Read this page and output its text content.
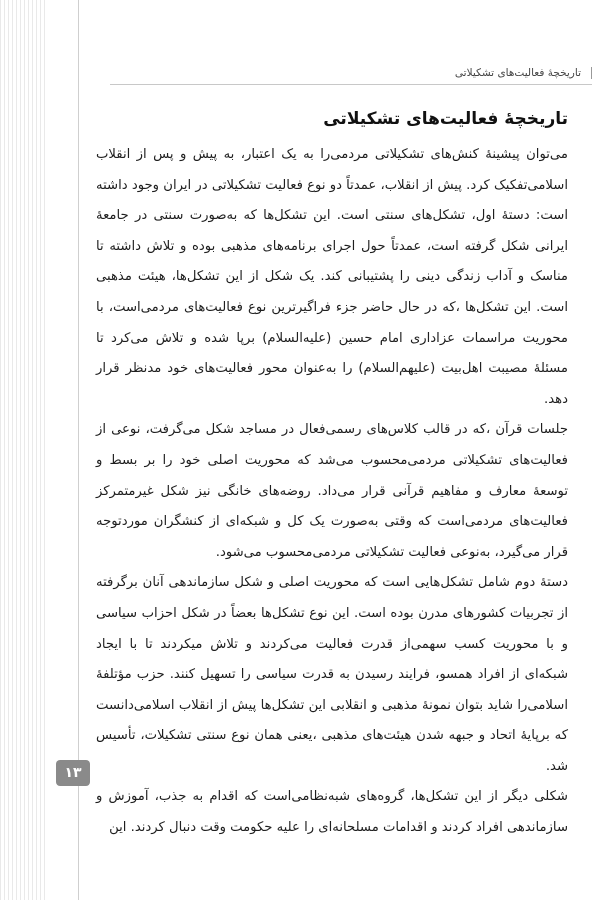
تاریخچهٔ فعالیت‌های تشکیلاتی
تاریخچهٔ فعالیت‌های تشکیلاتی

می‌توان پیشینهٔ کنش‌های تشکیلاتی مردمی‌را به یک اعتبار، به پیش و پس از انقلاب اسلامی‌تفکیک کرد. پیش از انقلاب، عمدتاً دو نوع فعالیت تشکیلاتی در ایران وجود داشته است: دستهٔ اول، تشکل‌های سنتی است. این تشکل‌ها که به‌صورت سنتی در جامعهٔ ایرانی شکل گرفته است، عمدتاً حول اجرای برنامه‌های مذهبی بوده و تلاش داشته تا مناسک و آداب زندگی دینی را پشتیبانی کند. یک شکل از این تشکل‌ها، هیئت مذهبی است. این تشکل‌ها ،که در حال حاضر جزء فراگیرترین نوع فعالیت‌های مردمی‌است، با محوریت مراسمات عزاداری امام حسین (علیه‌السلام) برپا شده و تلاش می‌کرد تا مسئلهٔ مصیبت اهل‌بیت (علیهم‌السلام) را به‌عنوان محور فعالیت‌های خود مدنظر قرار دهد.

جلسات قرآن ،که در قالب کلاس‌های رسمی‌فعال در مساجد شکل می‌گرفت، نوعی از فعالیت‌های تشکیلاتی مردمی‌محسوب می‌شد که محوریت اصلی خود را بر بسط و توسعهٔ معارف و مفاهیم قرآنی قرار می‌داد. روضه‌های خانگی نیز شکل غیرمتمرکز فعالیت‌های مردمی‌است که وقتی به‌صورت یک کل و شبکه‌ای از کنشگران موردتوجه قرار می‌گیرد، به‌نوعی فعالیت تشکیلاتی مردمی‌محسوب می‌شود.

دستهٔ دوم شامل تشکل‌هایی است که محوریت اصلی و شکل سازماندهی آنان برگرفته از تجربیات کشورهای مدرن بوده است. این نوع تشکل‌ها بعضاً در شکل احزاب سیاسی و با محوریت کسب سهمی‌از قدرت فعالیت می‌کردند و تلاش میکردند تا با ایجاد شبکه‌ای از افراد همسو، فرایند رسیدن به قدرت سیاسی را تسهیل کنند. حزب مؤتلفهٔ اسلامی‌را شاید بتوان نمونهٔ مذهبی و انقلابی این تشکل‌ها پیش از انقلاب اسلامی‌دانست که برپایهٔ اتحاد و جبهه شدن هیئت‌های مذهبی ،یعنی همان نوع سنتی تشکیلات، تأسیس شد.

شکلی دیگر از این تشکل‌ها، گروه‌های شبه‌نظامی‌است که اقدام به جذب، آموزش و سازماندهی افراد کردند و اقدامات مسلحانه‌ای را علیه حکومت وقت دنبال کردند. این

۱۳
